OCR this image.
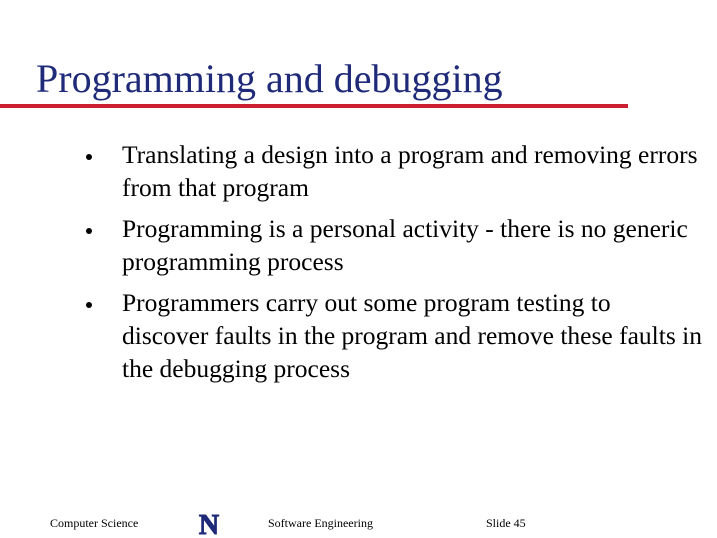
Programming and debugging
Translating a design into a program and removing errors from that program
Programming is a personal activity - there is no generic programming process
Programmers carry out some program testing to discover faults in the program and remove these faults in the debugging process
Computer Science N	Software Engineering	Slide 45
